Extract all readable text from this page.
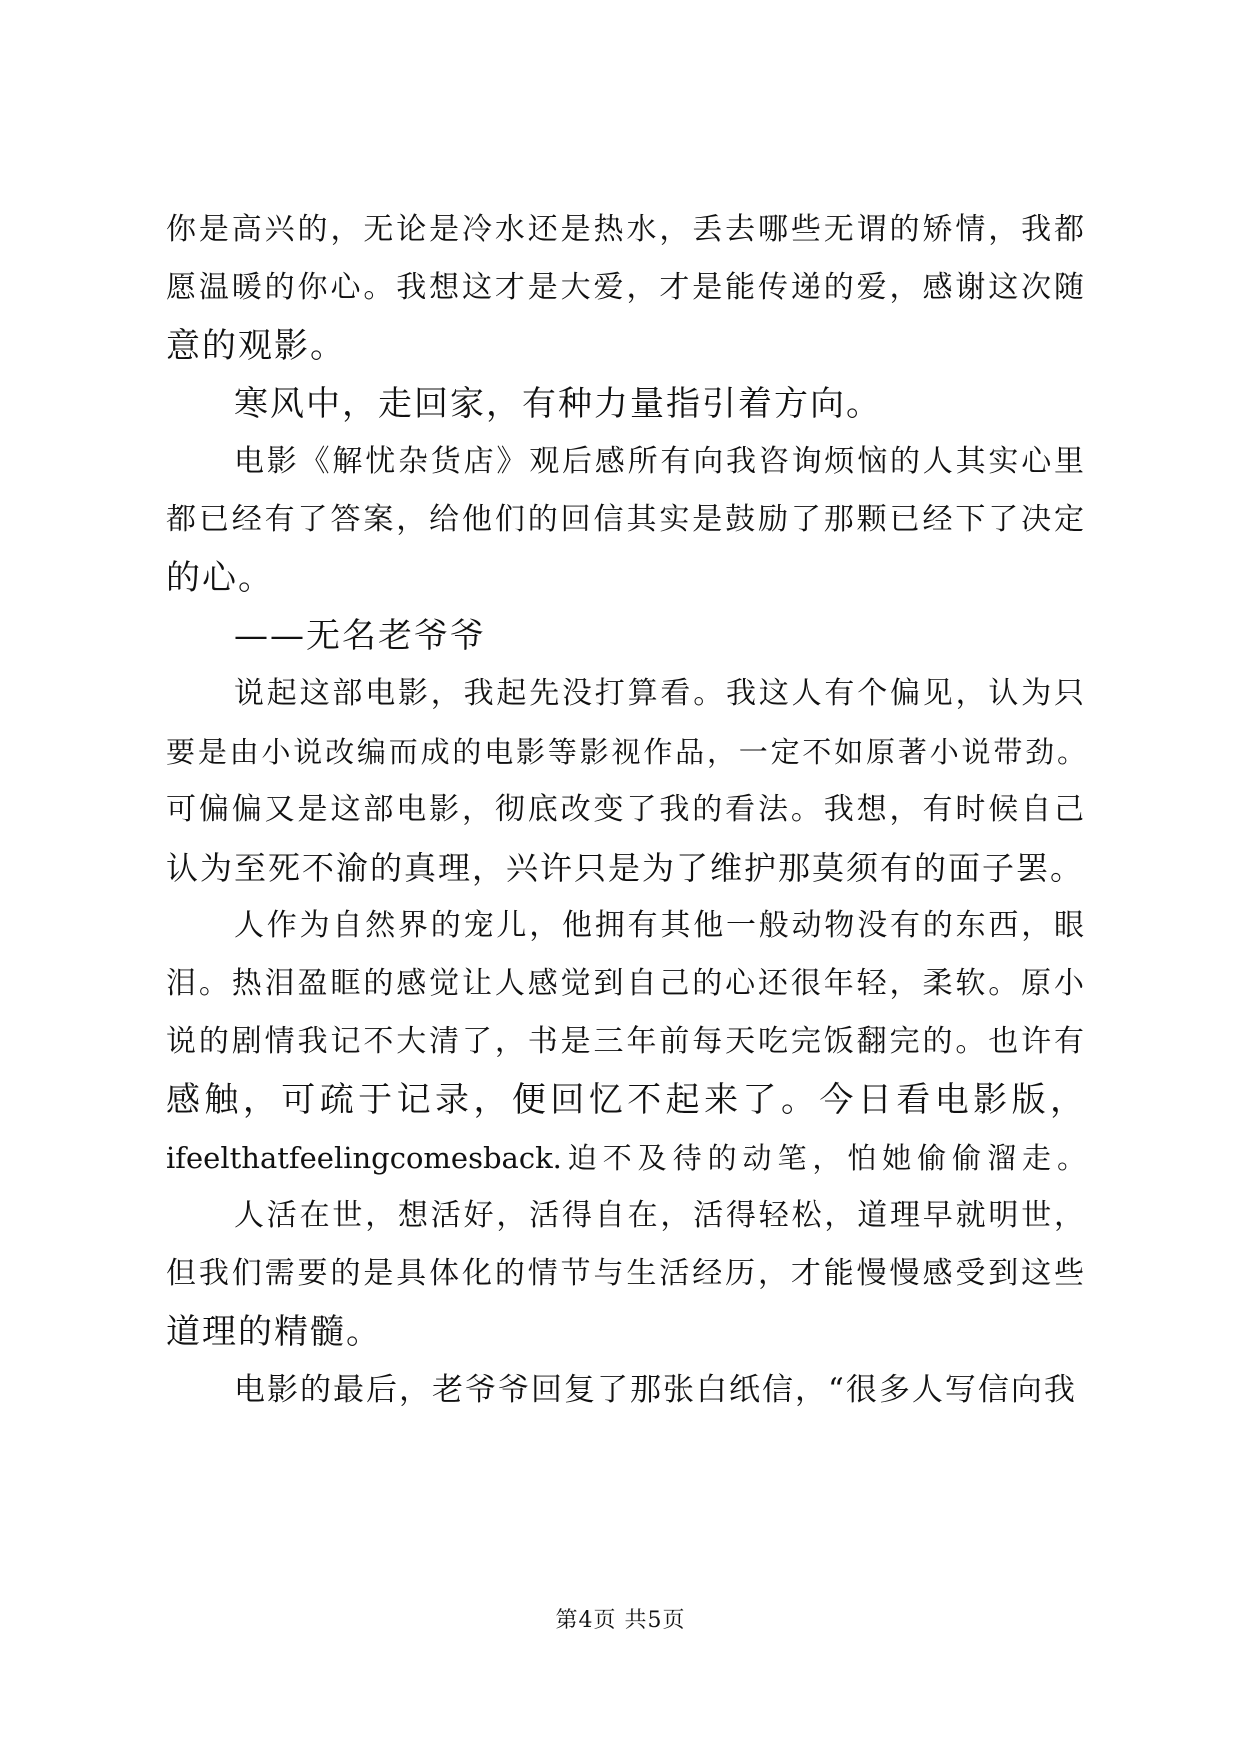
你是高兴的，无论是冷水还是热水，丢去哪些无谓的矫情，我都
愿温暖的你心。我想这才是大爱，才是能传递的爱，感谢这次随
意的观影。
寒风中，走回家，有种力量指引着方向。
电影《解忧杂货店》观后感所有向我咨询烦恼的人其实心里
都已经有了答案，给他们的回信其实是鼓励了那颗已经下了决定
的心。
——无名老爷爷
说起这部电影，我起先没打算看。我这人有个偏见，认为只
要是由小说改编而成的电影等影视作品，一定不如原著小说带劲。
可偏偏又是这部电影，彻底改变了我的看法。我想，有时候自己
认为至死不渝的真理，兴许只是为了维护那莫须有的面子罢。
人作为自然界的宠儿，他拥有其他一般动物没有的东西，眼
泪。热泪盈眶的感觉让人感觉到自己的心还很年轻，柔软。原小
说的剧情我记不大清了，书是三年前每天吃完饭翻完的。也许有
感触，可疏于记录，便回忆不起来了。今日看电影版，
ifeelthatfeelingcomesback.迫不及待的动笔，怕她偷偷溜走。
人活在世，想活好，活得自在，活得轻松，道理早就明世，
但我们需要的是具体化的情节与生活经历，才能慢慢感受到这些
道理的精髓。
电影的最后，老爷爷回复了那张白纸信，“很多人写信向我
第4页 共5页
